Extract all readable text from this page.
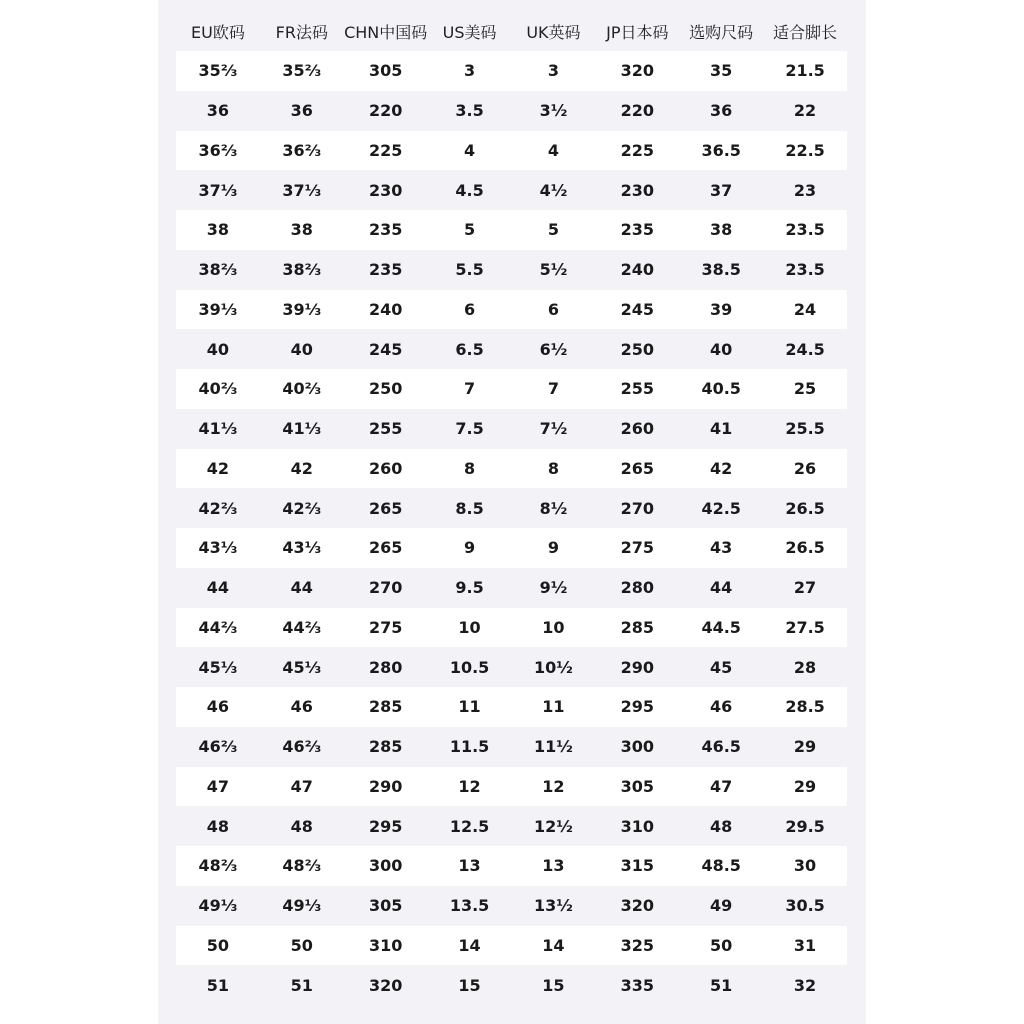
EU欧码	FR法码	CHN中国码	US美码	UK英码	JP日本码	选购尺码	适合脚长
35⅔	35⅔	305	3	3	320	35	21.5
36	36	220	3.5	3½	220	36	22
36⅔	36⅔	225	4	4	225	36.5	22.5
37⅓	37⅓	230	4.5	4½	230	37	23
38	38	235	5	5	235	38	23.5
38⅔	38⅔	235	5.5	5½	240	38.5	23.5
39⅓	39⅓	240	6	6	245	39	24
40	40	245	6.5	6½	250	40	24.5
40⅔	40⅔	250	7	7	255	40.5	25
41⅓	41⅓	255	7.5	7½	260	41	25.5
42	42	260	8	8	265	42	26
42⅔	42⅔	265	8.5	8½	270	42.5	26.5
43⅓	43⅓	265	9	9	275	43	26.5
44	44	270	9.5	9½	280	44	27
44⅔	44⅔	275	10	10	285	44.5	27.5
45⅓	45⅓	280	10.5	10½	290	45	28
46	46	285	11	11	295	46	28.5
46⅔	46⅔	285	11.5	11½	300	46.5	29
47	47	290	12	12	305	47	29
48	48	295	12.5	12½	310	48	29.5
48⅔	48⅔	300	13	13	315	48.5	30
49⅓	49⅓	305	13.5	13½	320	49	30.5
50	50	310	14	14	325	50	31
51	51	320	15	15	335	51	32
